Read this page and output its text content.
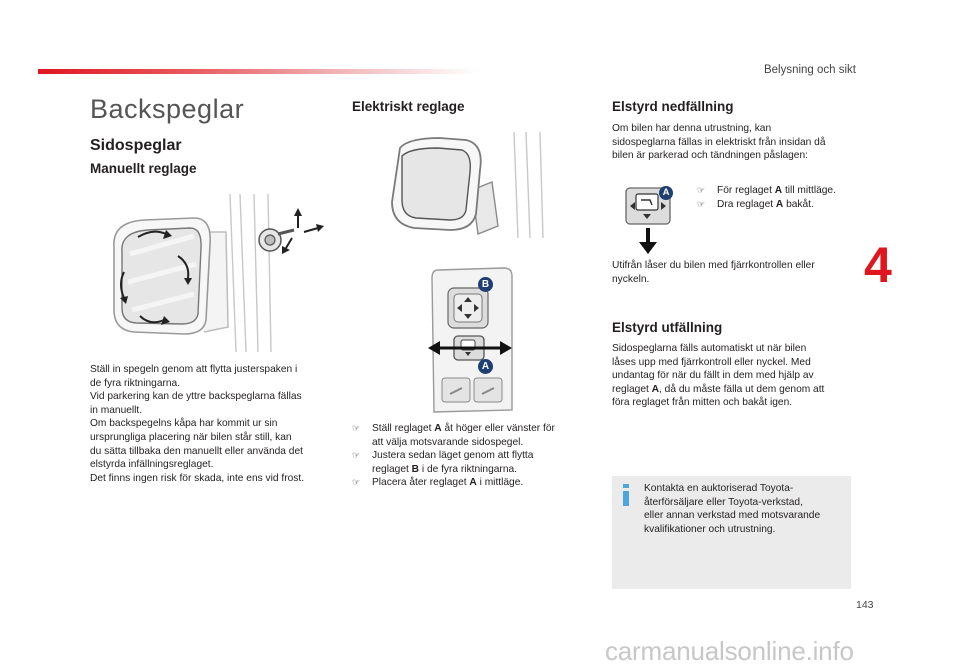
Belysning och sikt
Backspeglar
Sidospeglar
Manuellt reglage
Ställ in spegeln genom att flytta justerspaken i
de fyra riktningarna.
Vid parkering kan de yttre backspeglarna fällas
in manuellt.
Om backspegelns kåpa har kommit ur sin
ursprungliga placering när bilen står still, kan
du sätta tillbaka den manuellt eller använda det
elstyrda infällningsreglaget.
Det finns ingen risk för skada, inte ens vid frost.
Elektriskt reglage
B
A
☞ Ställ reglaget A åt höger eller vänster för
att välja motsvarande sidospegel.
☞ Justera sedan läget genom att flytta
reglaget B i de fyra riktningarna.
☞ Placera åter reglaget A i mittläge.
Elstyrd nedfällning
Om bilen har denna utrustning, kan
sidospeglarna fällas in elektriskt från insidan då
bilen är parkerad och tändningen påslagen:
A	☞ För reglaget A till mittläge.
☞ Dra reglaget A bakåt.
Utifrån låser du bilen med fjärrkontrollen eller
nyckeln.
Elstyrd utfällning
Sidospeglarna fälls automatiskt ut när bilen
låses upp med fjärrkontroll eller nyckel. Med
undantag för när du fällt in dem med hjälp av
reglaget A, då du måste fälla ut dem genom att
föra reglaget från mitten och bakåt igen.
4
Kontakta en auktoriserad Toyota-
återförsäljare eller Toyota-verkstad,
eller annan verkstad med motsvarande
kvalifikationer och utrustning.
143
carmanualsonline.info
